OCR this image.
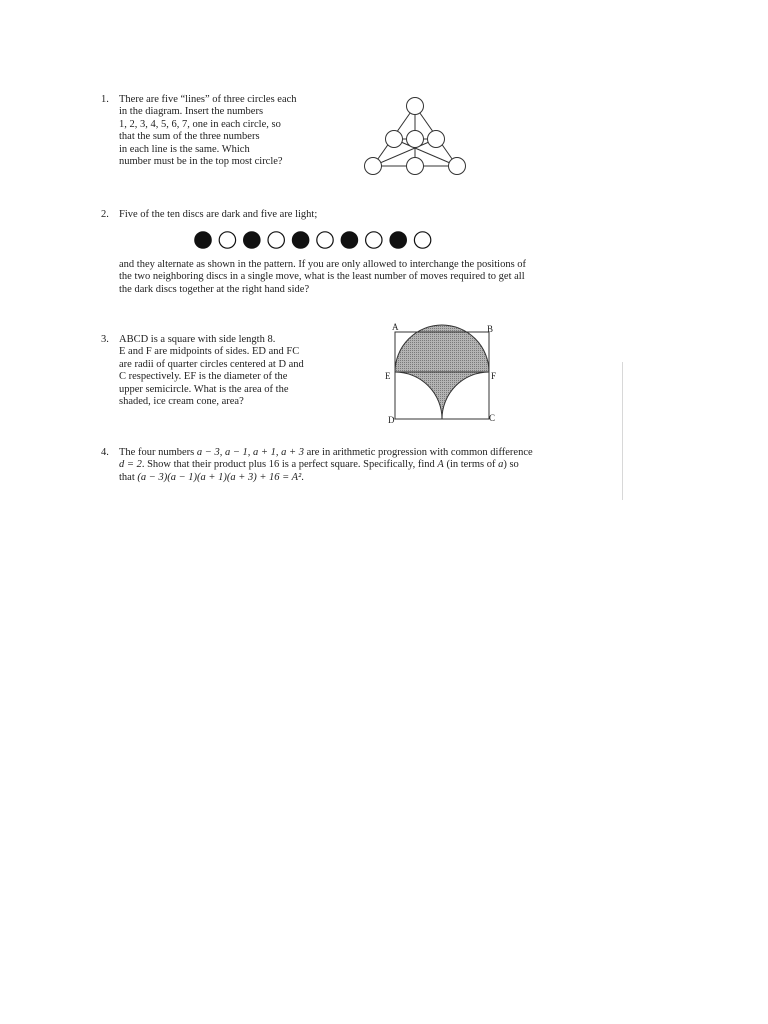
1. There are five “lines” of three circles each
in the diagram. Insert the numbers
1, 2, 3, 4, 5, 6, 7, one in each circle, so
that the sum of the three numbers
in each line is the same. Which
number must be in the top most circle?
2. Five of the ten discs are dark and five are light;
and they alternate as shown in the pattern. If you are only allowed to interchange the positions of
the two neighboring discs in a single move, what is the least number of moves required to get all
the dark discs together at the right hand side?
3. ABCD is a square with side length 8.
E and F are midpoints of sides. ED and FC
are radii of quarter circles centered at D and
C respectively. EF is the diameter of the
upper semicircle. What is the area of the
shaded, ice cream cone, area?
A	B
E	F
D	C
4. The four numbers a − 3, a − 1, a + 1, a + 3 are in arithmetic progression with common difference
d = 2. Show that their product plus 16 is a perfect square. Specifically, find A (in terms of a) so
that (a − 3)(a − 1)(a + 1)(a + 3) + 16 = A².
